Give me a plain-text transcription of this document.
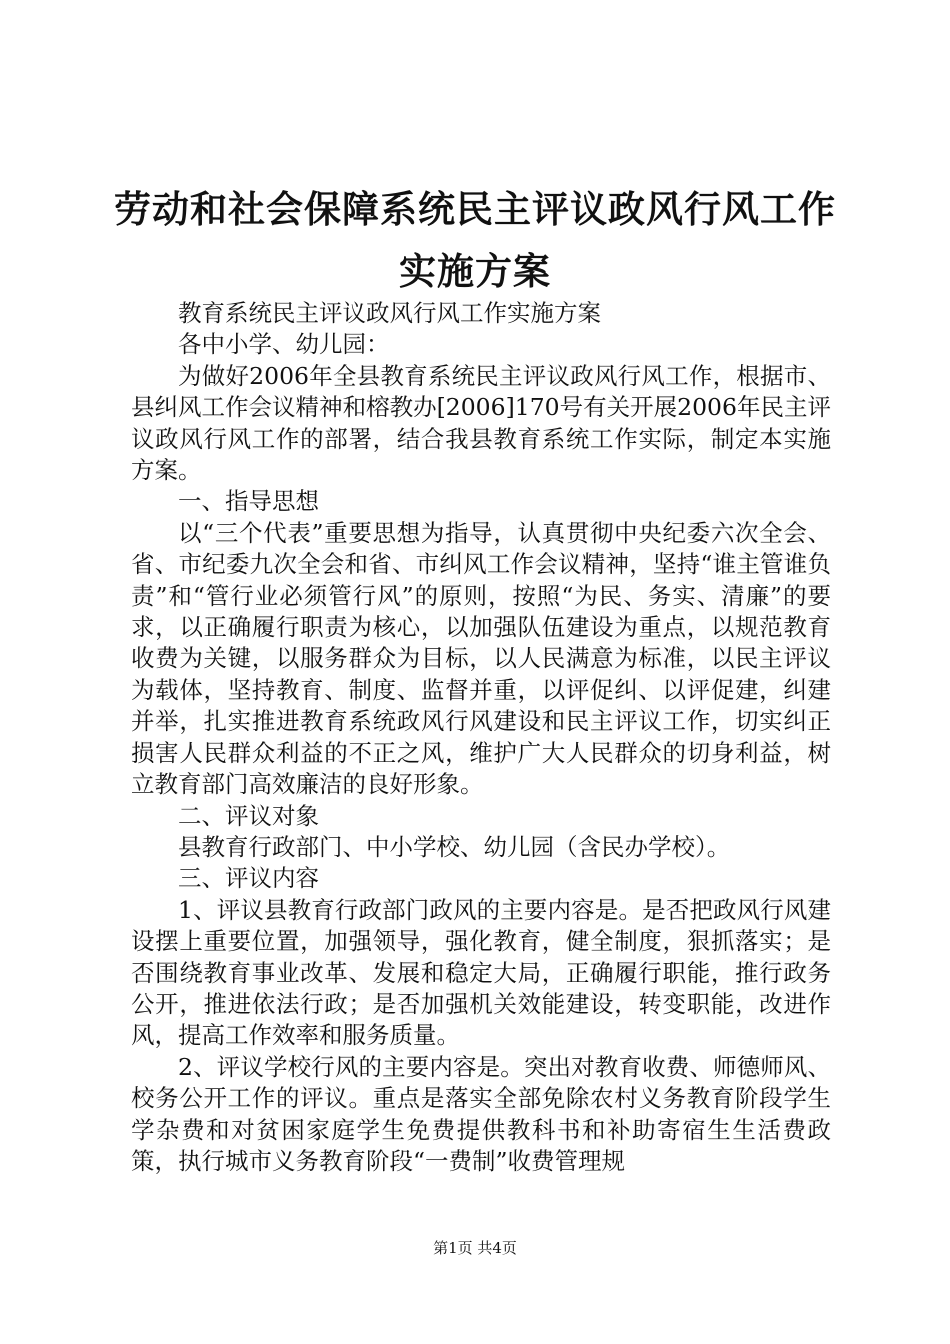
劳动和社会保障系统民主评议政风行风工作实施方案

教育系统民主评议政风行风工作实施方案

各中小学、幼儿园：

为做好2006年全县教育系统民主评议政风行风工作，根据市、县纠风工作会议精神和榕教办[2006]170号有关开展2006年民主评议政风行风工作的部署，结合我县教育系统工作实际，制定本实施方案。

一、指导思想

以“三个代表”重要思想为指导，认真贯彻中央纪委六次全会、省、市纪委九次全会和省、市纠风工作会议精神，坚持“谁主管谁负责”和“管行业必须管行风”的原则，按照“为民、务实、清廉”的要求，以正确履行职责为核心，以加强队伍建设为重点，以规范教育收费为关键，以服务群众为目标，以人民满意为标准，以民主评议为载体，坚持教育、制度、监督并重，以评促纠、以评促建，纠建并举，扎实推进教育系统政风行风建设和民主评议工作，切实纠正损害人民群众利益的不正之风，维护广大人民群众的切身利益，树立教育部门高效廉洁的良好形象。

二、评议对象

县教育行政部门、中小学校、幼儿园（含民办学校）。

三、评议内容

1、评议县教育行政部门政风的主要内容是。是否把政风行风建设摆上重要位置，加强领导，强化教育，健全制度，狠抓落实；是否围绕教育事业改革、发展和稳定大局，正确履行职能，推行政务公开，推进依法行政；是否加强机关效能建设，转变职能，改进作风，提高工作效率和服务质量。

2、评议学校行风的主要内容是。突出对教育收费、师德师风、校务公开工作的评议。重点是落实全部免除农村义务教育阶段学生学杂费和对贫困家庭学生免费提供教科书和补助寄宿生生活费政策，执行城市义务教育阶段“一费制”收费管理规

第1页 共4页
